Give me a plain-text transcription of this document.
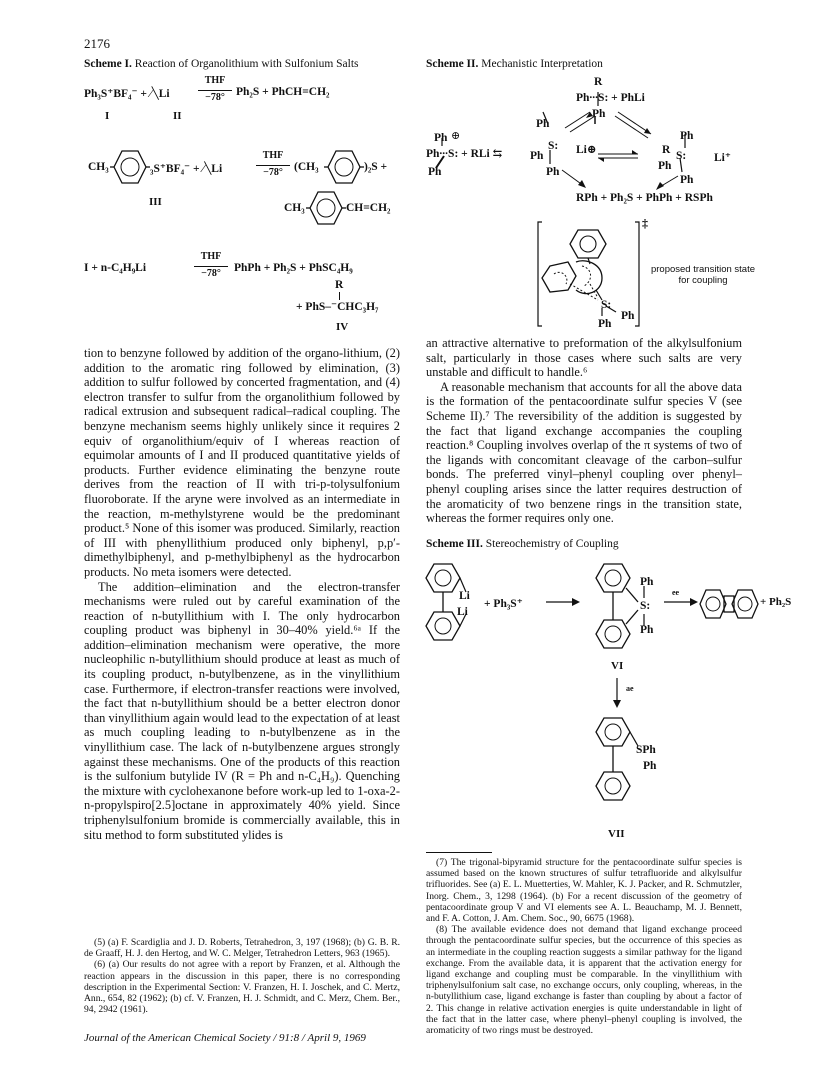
2176
Scheme I. Reaction of Organolithium with Sulfonium Salts
Ph₃S⁺BF₄⁻ + ∕╲Li
THF
−78° Ph₂S + PhCH=CH₂
I	II
CH₃	₃S⁺BF₄⁻ + ∕╲Li
THF
−78° (CH₃	)₂S +
III	CH₃	CH=CH₂
I + n-C₄H₉Li
THF
−78°	PhPh + Ph₂S + PhSC₄H₉
R
+ PhS–⁻CHC₃H₇
IV

tion to benzyne followed by addition of the organo-lithium, (2) addition to the aromatic ring followed by elimination, (3) addition to sulfur followed by concerted fragmentation, and (4) electron transfer to sulfur from the organolithium followed by radical extrusion and subsequent radical–radical coupling. The benzyne mechanism seems highly unlikely since it requires 2 equiv of organolithium/equiv of I whereas reaction of equimolar amounts of I and II produced quantitative yields of products. Further evidence eliminating the benzyne route derives from the reaction of II with tri-p-tolysulfonium fluoroborate. If the aryne were involved as an intermediate in the reaction, m-methylstyrene would be the predominant product.⁵ None of this isomer was produced. Similarly, reaction of III with phenyllithium produced only biphenyl, p,p′-dimethylbiphenyl, and p-methylbiphenyl as the hydrocarbon products. No meta isomers were detected.

The addition–elimination and the electron-transfer mechanisms were ruled out by careful examination of the reaction of n-butyllithium with I. The only hydrocarbon coupling product was biphenyl in 30–40% yield.⁶ᵃ If the addition–elimination mechanism were operative, the more nucleophilic n-butyllithium should produce at least as much of its coupling product, n-butylbenzene, as in the vinyllithium case. Furthermore, if electron-transfer reactions were involved, the fact that n-butyllithium should be a better electron donor than vinyllithium again would lead to the expectation of at least as much coupling leading to n-butylbenzene as in the vinyllithium case. The lack of n-butylbenzene argues strongly against these mechanisms. One of the products of this reaction is the sulfonium butylide IV (R = Ph and n-C₄H₉). Quenching the mixture with cyclohexanone before work-up led to 1-oxa-2-n-propylspiro[2.5]octane in approximately 40% yield. Since triphenylsulfonium bromide is commercially available, this in situ method to form substituted ylides is

(5) (a) F. Scardiglia and J. D. Roberts, Tetrahedron, 3, 197 (1968); (b) G. B. R. de Graaff, H. J. den Hertog, and W. C. Melger, Tetrahedron Letters, 963 (1965).

(6) (a) Our results do not agree with a report by Franzen, et al. Although the reaction appears in the discussion in this paper, there is no corresponding description in the Experimental Section: V. Franzen, H. I. Joschek, and C. Mertz, Ann., 654, 82 (1962); (b) cf. V. Franzen, H. J. Schmidt, and C. Merz, Chem. Ber., 94, 2942 (1961).

Scheme II. Mechanistic Interpretation
R
Ph∙∙∙S: + PhLi
Ph
Ph ⊕
Ph∙∙∙S: + RLi ⇆
Ph
Ph
S:
Ph	Li⊕
Ph
Ph
R S:
Ph
Ph
Li⁺
RPh + Ph₂S + PhPh + RSPh
S:
Ph
Ph
‡
proposed transition state for coupling

an attractive alternative to preformation of the alkylsulfonium salt, particularly in those cases where such salts are very unstable and difficult to handle.⁶

A reasonable mechanism that accounts for all the above data is the formation of the pentacoordinate sulfur species V (see Scheme II).⁷ The reversibility of the addition is suggested by the fact that ligand exchange accompanies the coupling reaction.⁸ Coupling involves overlap of the π systems of two of the ligands with concomitant cleavage of the carbon–sulfur bonds. The preferred vinyl–phenyl coupling over phenyl–phenyl coupling arises since the latter requires destruction of the aromaticity of two benzene rings in the transition state, whereas the former requires only one.

Scheme III. Stereochemistry of Coupling
Li
Li
+ Ph₃S⁺ →
Ph
S:
Ph
ee
+ Ph₂S
VI
ae
SPh
Ph
VII

(7) The trigonal-bipyramid structure for the pentacoordinate sulfur species is assumed based on the known structures of sulfur tetrafluoride and alkylsulfur trifluorides. See (a) E. L. Muetterties, W. Mahler, K. J. Packer, and R. Schmutzler, Inorg. Chem., 3, 1298 (1964). (b) For a recent discussion of the geometry of pentacoordinate group V and VI elements see A. L. Beauchamp, M. J. Bennett, and F. A. Cotton, J. Am. Chem. Soc., 90, 6675 (1968).

(8) The available evidence does not demand that ligand exchange proceed through the pentacoordinate sulfur species, but the occurrence of this species as an intermediate in the coupling reaction suggests a similar pathway for the ligand exchange. From the available data, it is apparent that the activation energy for ligand exchange and coupling must be comparable. In the vinyllithium with triphenylsulfonium salt case, no exchange occurs, only coupling, whereas, in the n-butyllithium case, ligand exchange is faster than coupling by about a factor of 2. This change in relative activation energies is quite understandable in light of the fact that in the latter case, where phenyl–phenyl coupling is involved, the aromaticity of two rings must be destroyed.

Journal of the American Chemical Society / 91:8 / April 9, 1969
